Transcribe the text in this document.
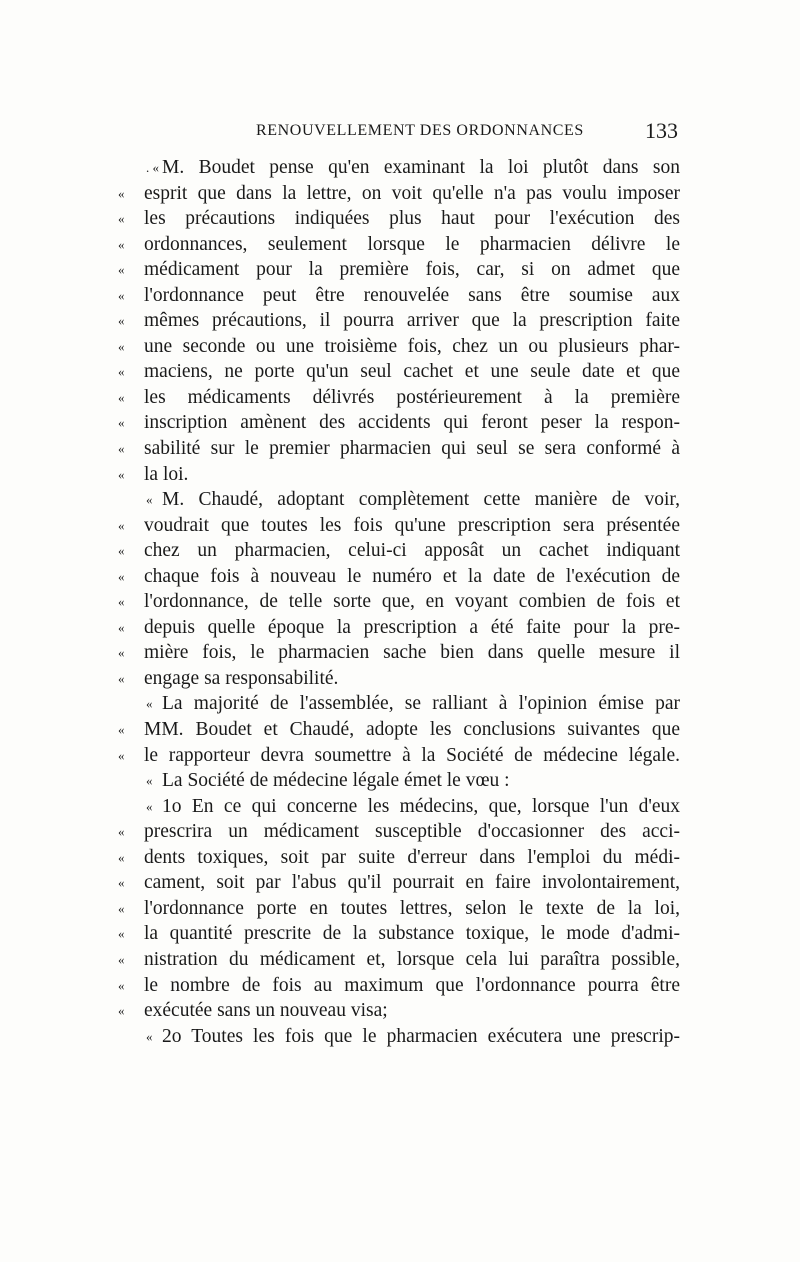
RENOUVELLEMENT DES ORDONNANCES	133
. « M. Boudet pense qu'en examinant la loi plutôt dans son
«	esprit que dans la lettre, on voit qu'elle n'a pas voulu imposer
«	les précautions indiquées plus haut pour l'exécution des
«	ordonnances, seulement lorsque le pharmacien délivre le
«	médicament pour la première fois, car, si on admet que
«	l'ordonnance peut être renouvelée sans être soumise aux
«	mêmes précautions, il pourra arriver que la prescription faite
«	une seconde ou une troisième fois, chez un ou plusieurs phar-
«	maciens, ne porte qu'un seul cachet et une seule date et que
«	les médicaments délivrés postérieurement à la première
«	inscription amènent des accidents qui feront peser la respon-
«	sabilité sur le premier pharmacien qui seul se sera conformé à
«	la loi.
« M. Chaudé, adoptant complètement cette manière de voir,
«	voudrait que toutes les fois qu'une prescription sera présentée
«	chez un pharmacien, celui-ci apposât un cachet indiquant
«	chaque fois à nouveau le numéro et la date de l'exécution de
«	l'ordonnance, de telle sorte que, en voyant combien de fois et
«	depuis quelle époque la prescription a été faite pour la pre-
«	mière fois, le pharmacien sache bien dans quelle mesure il
«	engage sa responsabilité.
« La majorité de l'assemblée, se ralliant à l'opinion émise par
«	MM. Boudet et Chaudé, adopte les conclusions suivantes que
«	le rapporteur devra soumettre à la Société de médecine légale.
« La Société de médecine légale émet le vœu :
« 1o En ce qui concerne les médecins, que, lorsque l'un d'eux
«	prescrira un médicament susceptible d'occasionner des acci-
«	dents toxiques, soit par suite d'erreur dans l'emploi du médi-
«	cament, soit par l'abus qu'il pourrait en faire involontairement,
«	l'ordonnance porte en toutes lettres, selon le texte de la loi,
«	la quantité prescrite de la substance toxique, le mode d'admi-
«	nistration du médicament et, lorsque cela lui paraîtra possible,
«	le nombre de fois au maximum que l'ordonnance pourra être
«	exécutée sans un nouveau visa;
« 2o Toutes les fois que le pharmacien exécutera une prescrip-
